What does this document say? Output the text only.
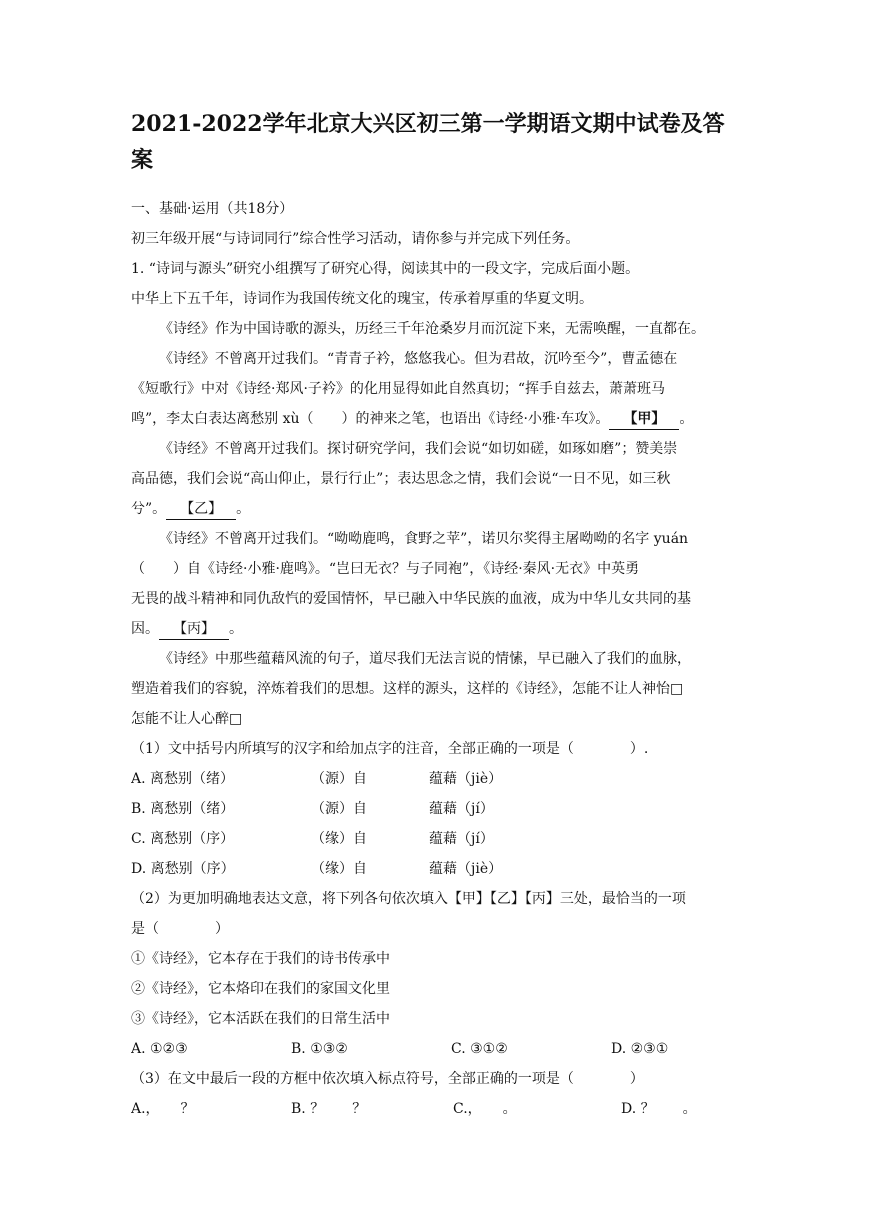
2021-2022学年北京大兴区初三第一学期语文期中试卷及答
案

一、基础·运用（共18分）

初三年级开展“与诗词同行”综合性学习活动，请你参与并完成下列任务。

1. “诗词与源头”研究小组撰写了研究心得，阅读其中的一段文字，完成后面小题。

中华上下五千年，诗词作为我国传统文化的瑰宝，传承着厚重的华夏文明。

《诗经》作为中国诗歌的源头，历经三千年沧桑岁月而沉淀下来，无需唤醒，一直都在。

《诗经》不曾离开过我们。“青青子衿，悠悠我心。但为君故，沉吟至今”，曹孟德在

《短歌行》中对《诗经·郑风·子衿》的化用显得如此自然真切；“挥手自兹去，萧萧班马

鸣”，李太白表达离愁别 xù（　　）的神来之笔，也语出《诗经·小雅·车攻》。 【甲】 。

《诗经》不曾离开过我们。探讨研究学问，我们会说“如切如磋，如琢如磨”；赞美崇

高品德，我们会说“高山仰止，景行行止”；表达思念之情，我们会说“一日不见，如三秋

兮”。 【乙】 。

《诗经》不曾离开过我们。“呦呦鹿鸣，食野之苹”，诺贝尔奖得主屠呦呦的名字 yuán

（　　）自《诗经·小雅·鹿鸣》。“岂曰无衣？与子同袍”，《诗经·秦风·无衣》中英勇

无畏的战斗精神和同仇敌忾的爱国情怀，早已融入中华民族的血液，成为中华儿女共同的基

因。 【丙】 。

《诗经》中那些蕴藉风流的句子，道尽我们无法言说的情愫，早已融入了我们的血脉，

塑造着我们的容貌，淬炼着我们的思想。这样的源头，这样的《诗经》，怎能不让人神怡□

怎能不让人心醉□

（1）文中括号内所填写的汉字和给加点字的注音，全部正确的一项是（　　　　）.

A. 离愁别（绪）	（源）自	蕴藉（jiè）

B. 离愁别（绪）	（源）自	蕴藉（jí）

C. 离愁别（序）	（缘）自	蕴藉（jí）

D. 离愁别（序）	（缘）自	蕴藉（jiè）

（2）为更加明确地表达文意，将下列各句依次填入【甲】【乙】【丙】三处，最恰当的一项

是（　　　　）

①《诗经》，它本存在于我们的诗书传承中

②《诗经》，它本烙印在我们的家国文化里

③《诗经》，它本活跃在我们的日常生活中

A. ①②③	B. ①③②	C. ③①②	D. ②③①

（3）在文中最后一段的方框中依次填入标点符号，全部正确的一项是（　　　　）

A.，　　？	B. ？　　？	C.，　　。	D. ？　　。
